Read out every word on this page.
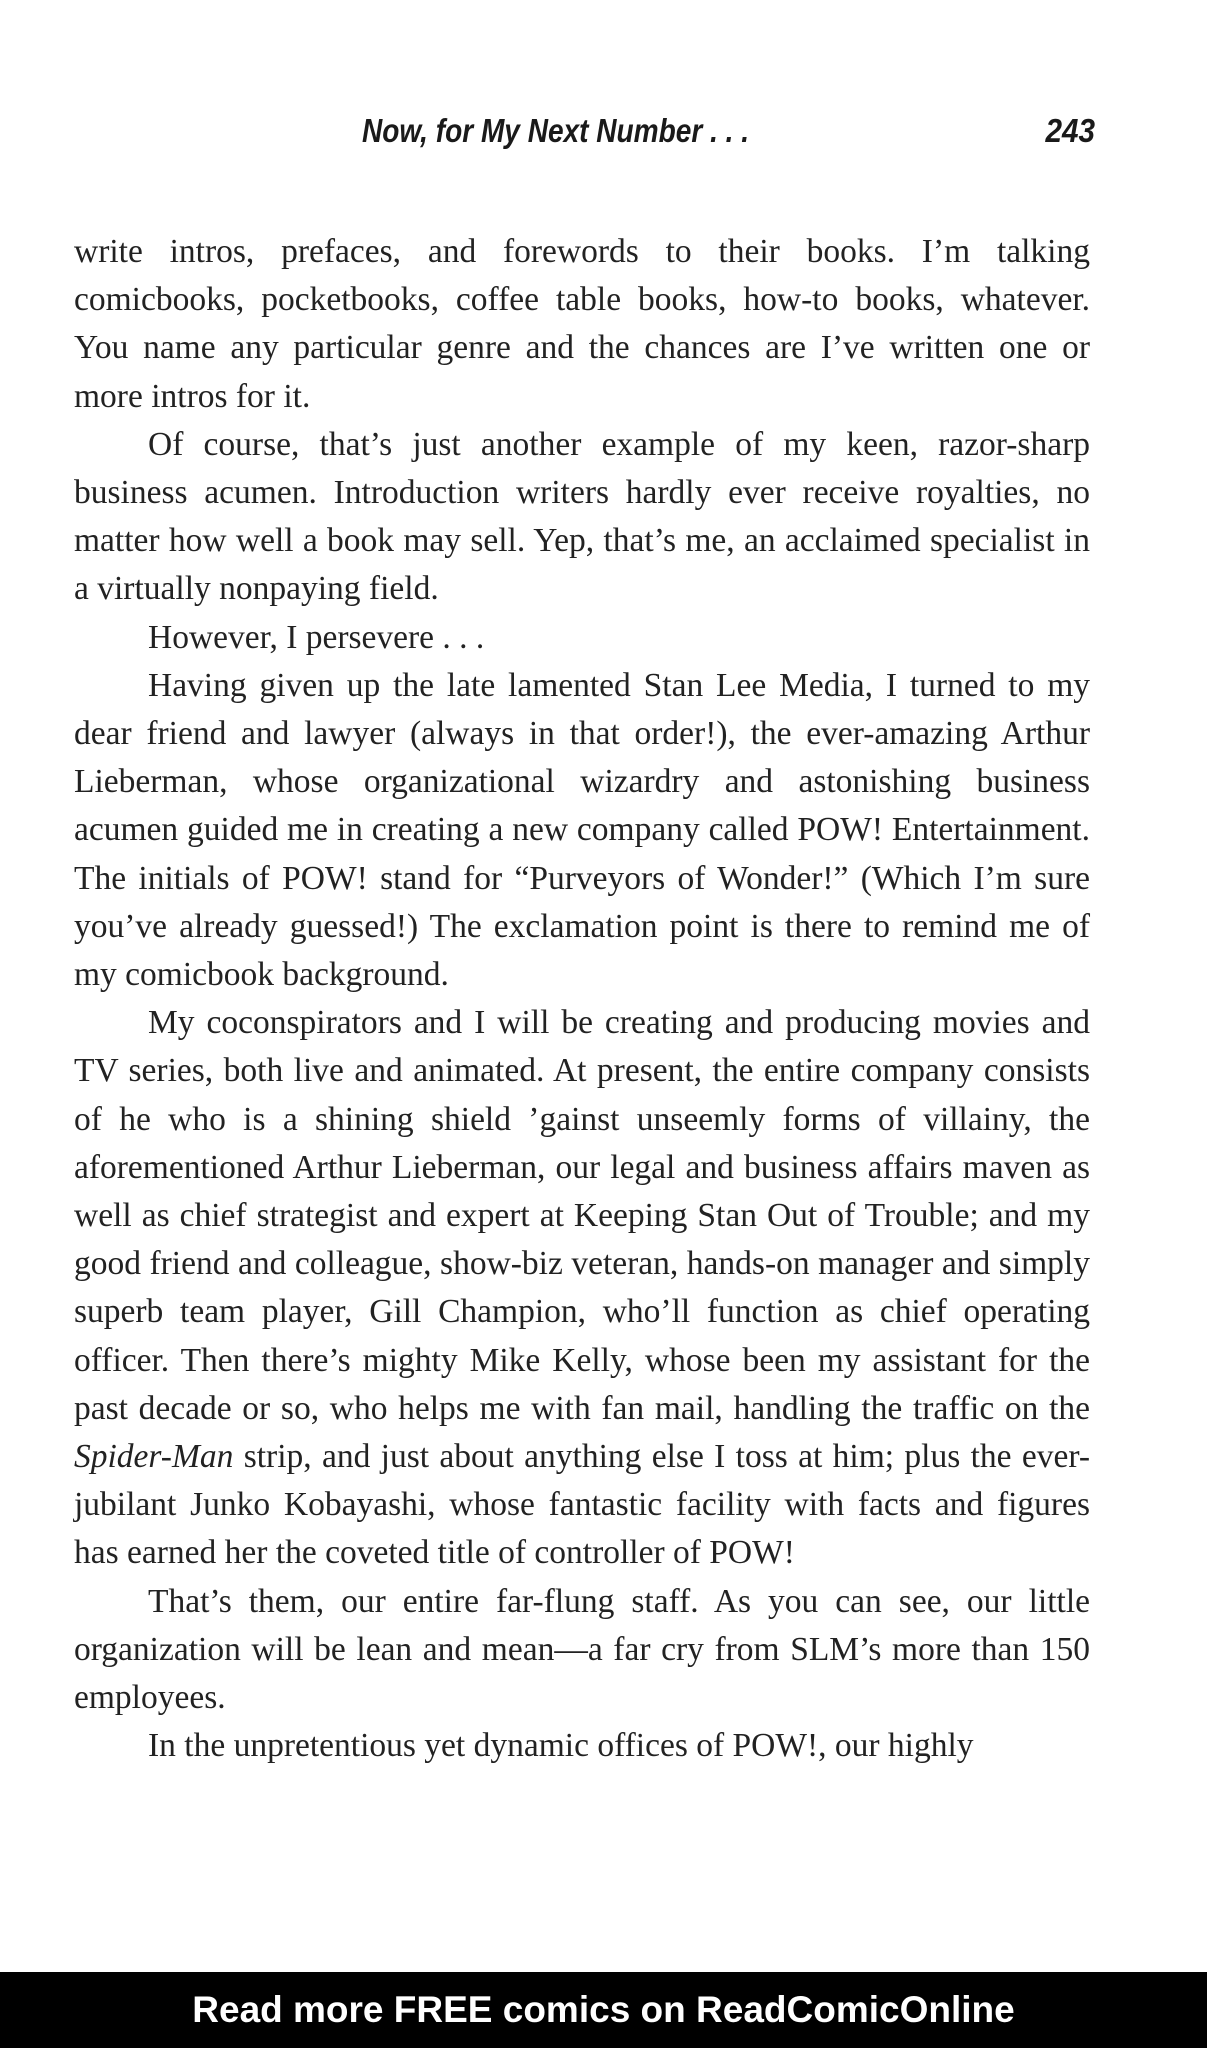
Now, for My Next Number . . .	243

write intros, prefaces, and forewords to their books. I’m talking comicbooks, pocketbooks, coffee table books, how-to books, whatever. You name any particular genre and the chances are I’ve written one or more intros for it.

Of course, that’s just another example of my keen, razor-sharp business acumen. Introduction writers hardly ever receive royalties, no matter how well a book may sell. Yep, that’s me, an acclaimed specialist in a virtually nonpaying field.

However, I persevere . . .

Having given up the late lamented Stan Lee Media, I turned to my dear friend and lawyer (always in that order!), the ever-amazing Arthur Lieberman, whose organizational wizardry and astonishing business acumen guided me in creating a new company called POW! Entertainment. The initials of POW! stand for “Purveyors of Wonder!” (Which I’m sure you’ve already guessed!) The exclamation point is there to remind me of my comicbook background.

My coconspirators and I will be creating and producing movies and TV series, both live and animated. At present, the entire company consists of he who is a shining shield ’gainst unseemly forms of villainy, the aforementioned Arthur Lieberman, our legal and business affairs maven as well as chief strategist and expert at Keeping Stan Out of Trouble; and my good friend and colleague, show-biz veteran, hands-on manager and simply superb team player, Gill Champion, who’ll function as chief operating officer. Then there’s mighty Mike Kelly, whose been my assistant for the past decade or so, who helps me with fan mail, handling the traffic on the Spider-Man strip, and just about anything else I toss at him; plus the ever-jubilant Junko Kobayashi, whose fantastic facility with facts and figures has earned her the coveted title of controller of POW!

That’s them, our entire far-flung staff. As you can see, our little organization will be lean and mean—a far cry from SLM’s more than 150 employees.

In the unpretentious yet dynamic offices of POW!, our highly

Read more FREE comics on ReadComicOnline
